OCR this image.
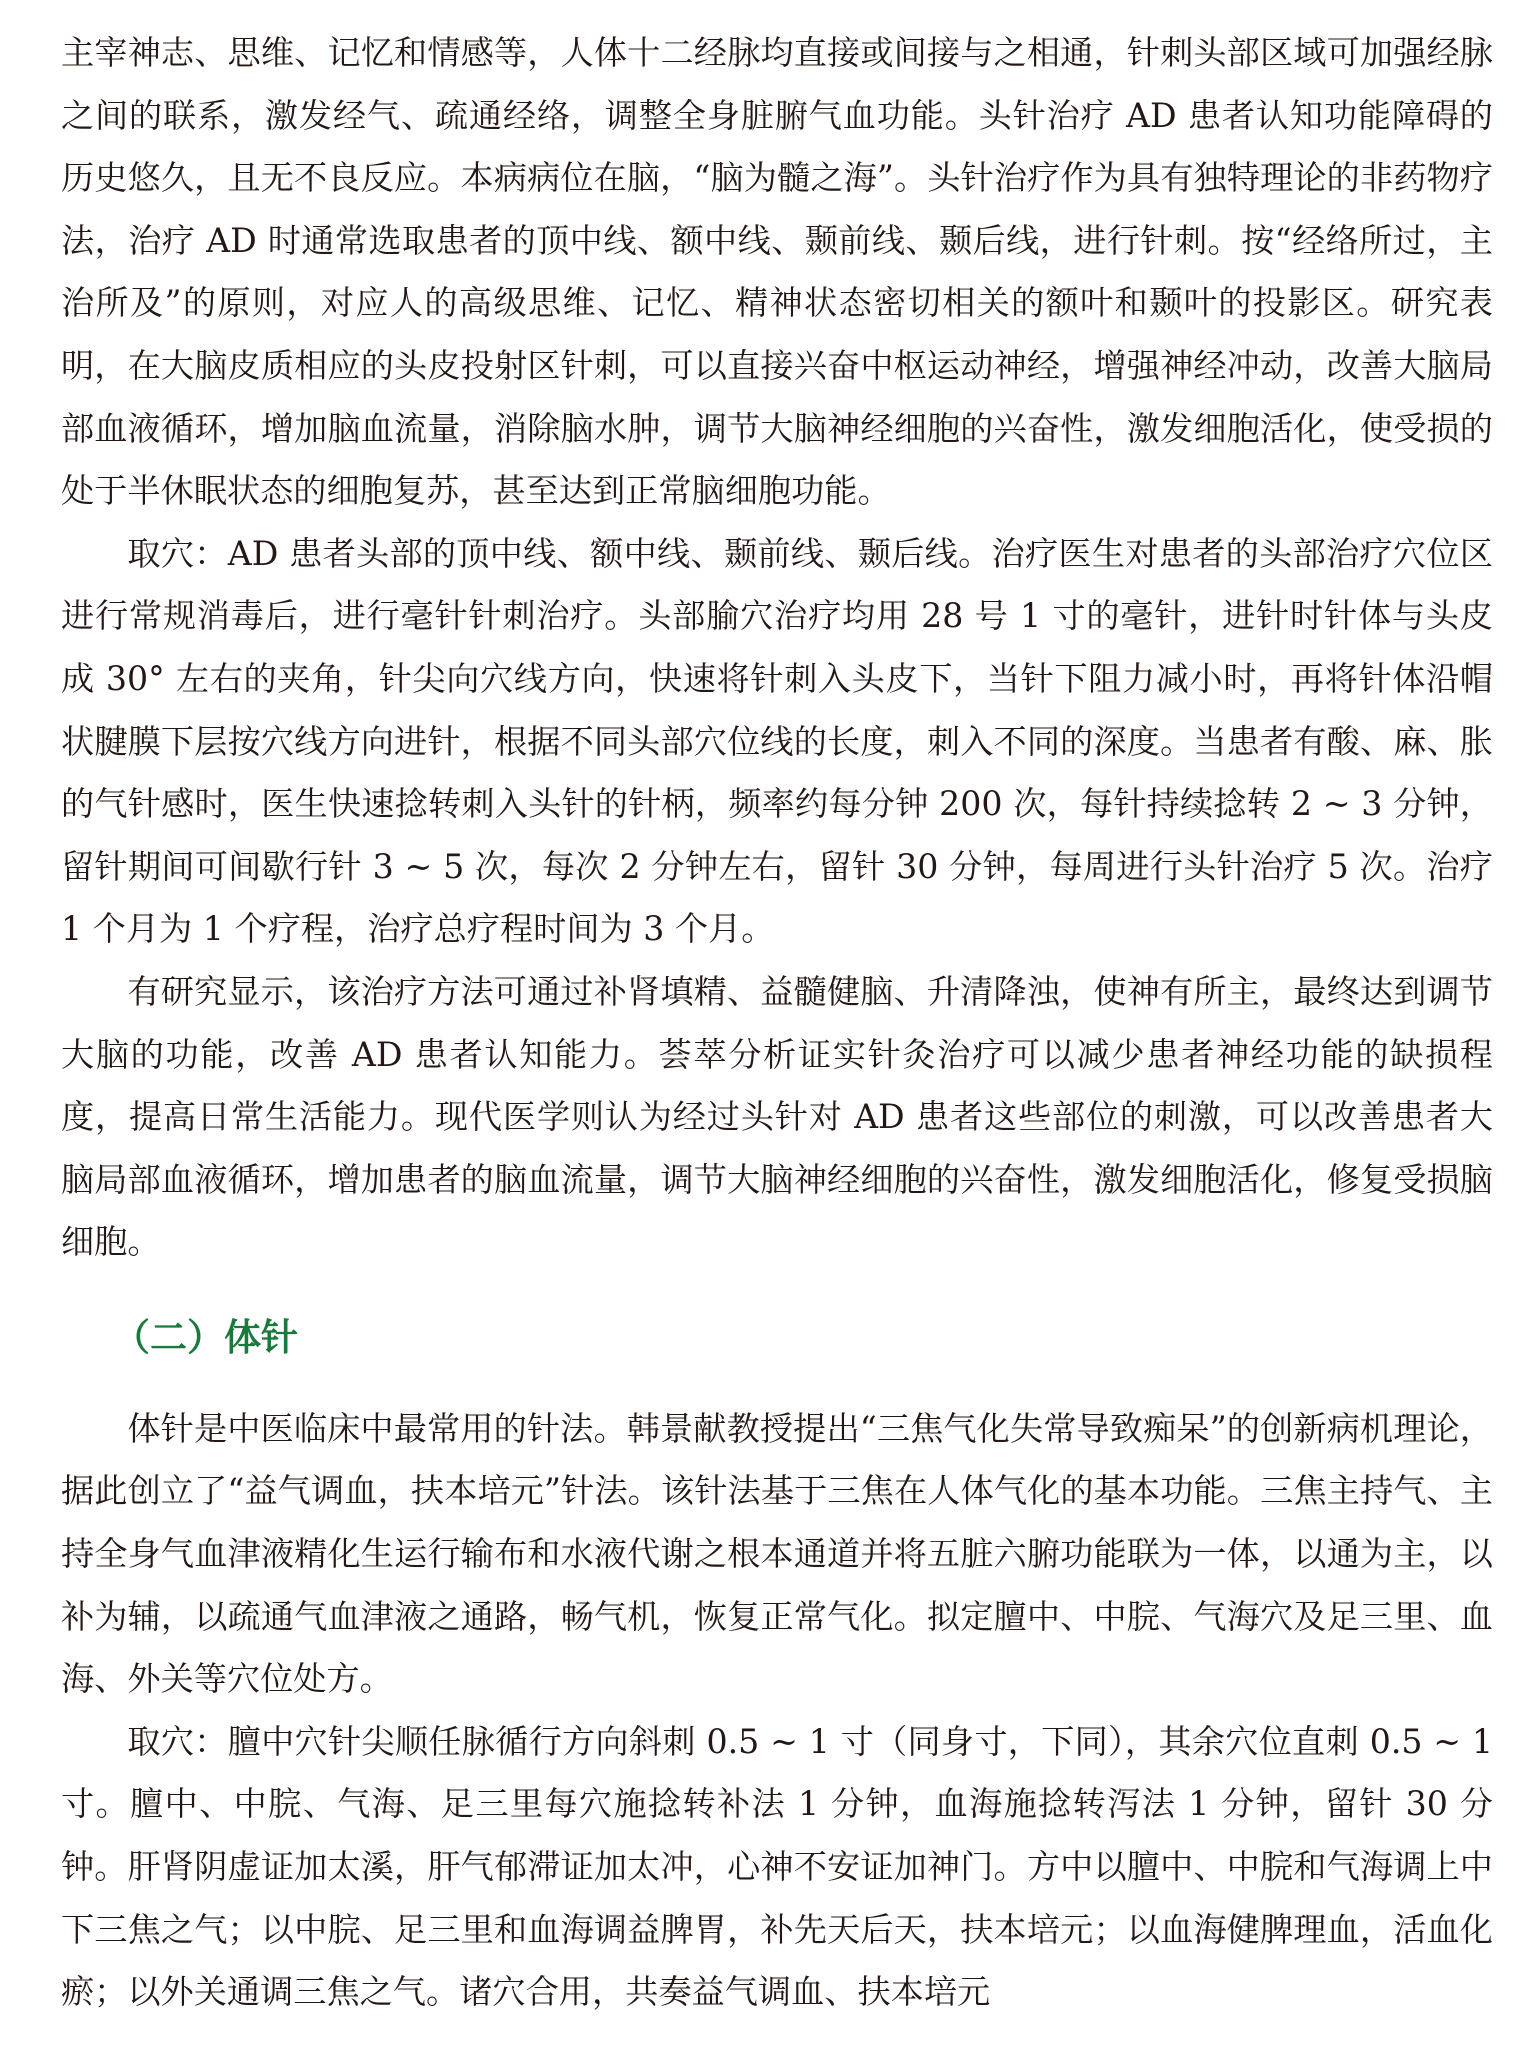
主宰神志、思维、记忆和情感等，人体十二经脉均直接或间接与之相通，针刺头部区域可加强经脉之间的联系，激发经气、疏通经络，调整全身脏腑气血功能。头针治疗 AD 患者认知功能障碍的历史悠久，且无不良反应。本病病位在脑，“脑为髓之海”。头针治疗作为具有独特理论的非药物疗法，治疗 AD 时通常选取患者的顶中线、额中线、颞前线、颞后线，进行针刺。按“经络所过，主治所及”的原则，对应人的高级思维、记忆、精神状态密切相关的额叶和颞叶的投影区。研究表明，在大脑皮质相应的头皮投射区针刺，可以直接兴奋中枢运动神经，增强神经冲动，改善大脑局部血液循环，增加脑血流量，消除脑水肿，调节大脑神经细胞的兴奋性，激发细胞活化，使受损的处于半休眠状态的细胞复苏，甚至达到正常脑细胞功能。

取穴：AD 患者头部的顶中线、额中线、颞前线、颞后线。治疗医生对患者的头部治疗穴位区进行常规消毒后，进行毫针针刺治疗。头部腧穴治疗均用 28 号 1 寸的毫针，进针时针体与头皮成 30° 左右的夹角，针尖向穴线方向，快速将针刺入头皮下，当针下阻力减小时，再将针体沿帽状腱膜下层按穴线方向进针，根据不同头部穴位线的长度，刺入不同的深度。当患者有酸、麻、胀的气针感时，医生快速捻转刺入头针的针柄，频率约每分钟 200 次，每针持续捻转 2 ~ 3 分钟，留针期间可间歇行针 3 ~ 5 次，每次 2 分钟左右，留针 30 分钟，每周进行头针治疗 5 次。治疗 1 个月为 1 个疗程，治疗总疗程时间为 3 个月。

有研究显示，该治疗方法可通过补肾填精、益髓健脑、升清降浊，使神有所主，最终达到调节大脑的功能，改善 AD 患者认知能力。荟萃分析证实针灸治疗可以减少患者神经功能的缺损程度，提高日常生活能力。现代医学则认为经过头针对 AD 患者这些部位的刺激，可以改善患者大脑局部血液循环，增加患者的脑血流量，调节大脑神经细胞的兴奋性，激发细胞活化，修复受损脑细胞。

（二）体针

体针是中医临床中最常用的针法。韩景献教授提出“三焦气化失常导致痴呆”的创新病机理论，据此创立了“益气调血，扶本培元”针法。该针法基于三焦在人体气化的基本功能。三焦主持气、主持全身气血津液精化生运行输布和水液代谢之根本通道并将五脏六腑功能联为一体，以通为主，以补为辅，以疏通气血津液之通路，畅气机，恢复正常气化。拟定膻中、中脘、气海穴及足三里、血海、外关等穴位处方。

取穴：膻中穴针尖顺任脉循行方向斜刺 0.5 ~ 1 寸（同身寸，下同），其余穴位直刺 0.5 ~ 1 寸。膻中、中脘、气海、足三里每穴施捻转补法 1 分钟，血海施捻转泻法 1 分钟，留针 30 分钟。肝肾阴虚证加太溪，肝气郁滞证加太冲，心神不安证加神门。方中以膻中、中脘和气海调上中下三焦之气；以中脘、足三里和血海调益脾胃，补先天后天，扶本培元；以血海健脾理血，活血化瘀；以外关通调三焦之气。诸穴合用，共奏益气调血、扶本培元
